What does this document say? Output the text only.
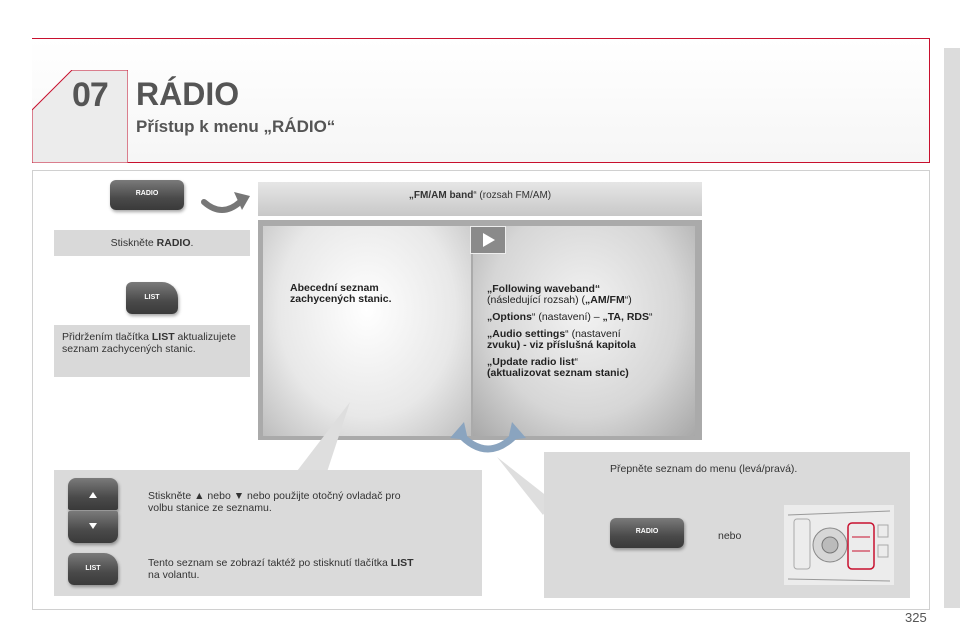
07 RÁDIO
Přístup k menu „RÁDIO“
RADIO
Stiskněte RADIO.
LIST
Přidržením tlačítka LIST aktualizujete seznam zachycených stanic.
„FM/AM band“ (rozsah FM/AM)
Abecední seznam
zachycených stanic.
„Following waveband“
(následující rozsah) („AM/FM“)
„Options“ (nastavení) – „TA, RDS“
„Audio settings“ (nastavení
zvuku) - viz příslušná kapitola
„Update radio list“
(aktualizovat seznam stanic)
LIST
Stiskněte ▲ nebo ▼ nebo použijte otočný ovladač pro
volbu stanice ze seznamu.
Tento seznam se zobrazí taktéž po stisknutí tlačítka LIST
na volantu.
Přepněte seznam do menu (levá/pravá).
RADIO	nebo
325
